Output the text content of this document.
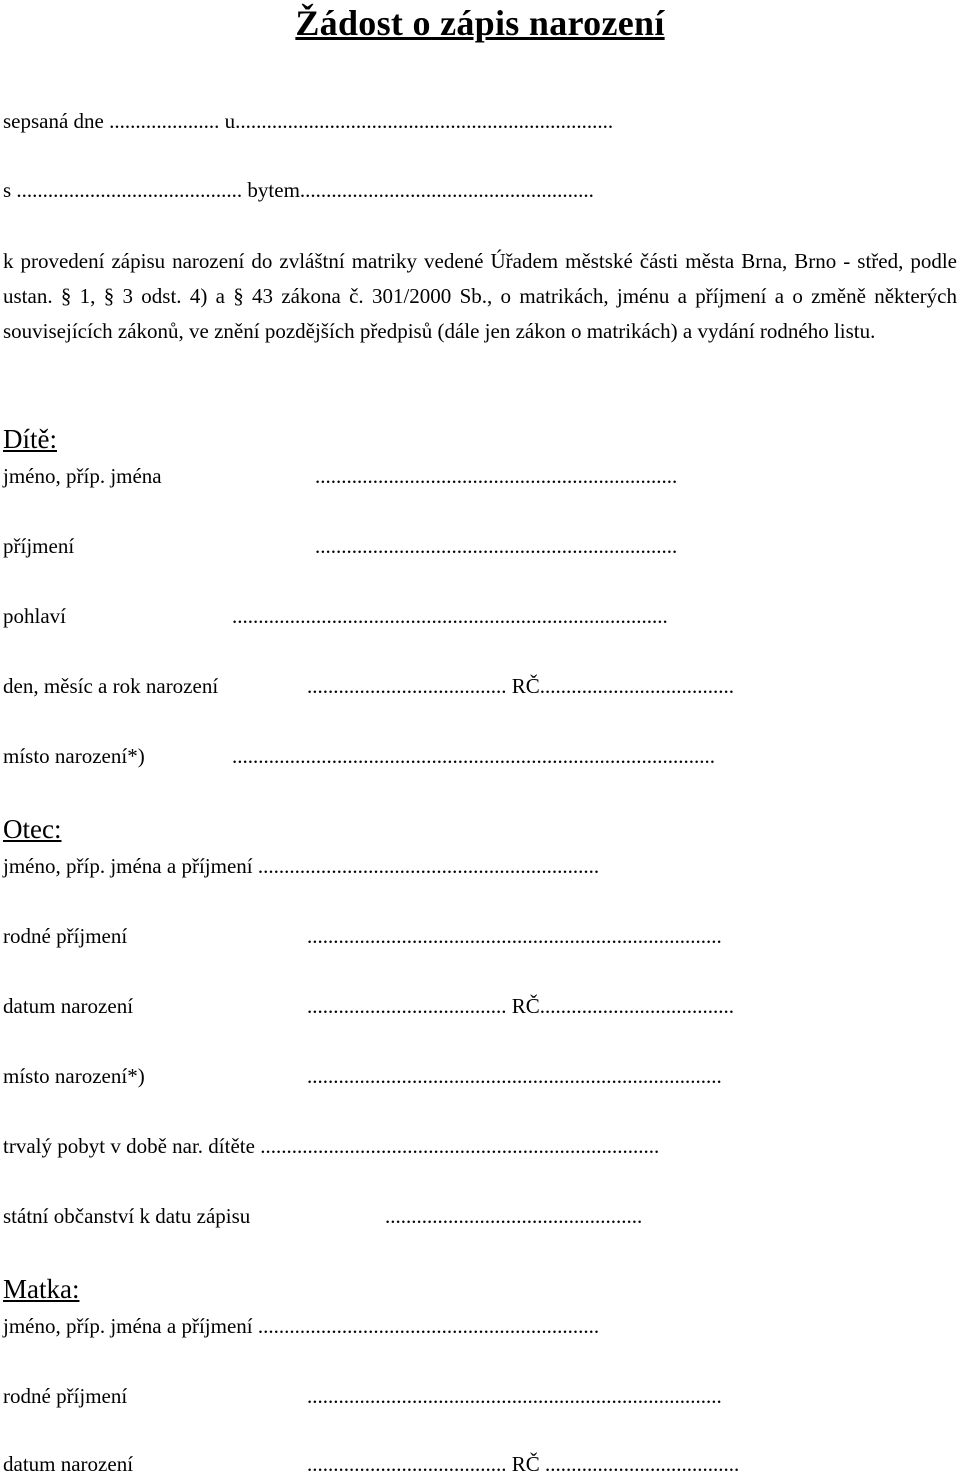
Žádost o zápis narození
sepsaná dne ..................... u........................................................................
s ........................................... bytem........................................................
k provedení zápisu narození do zvláštní matriky vedené Úřadem městské části města Brna, Brno - střed, podle ustan. § 1, § 3 odst. 4) a § 43 zákona č. 301/2000 Sb., o matrikách, jménu a příjmení a o změně některých souvisejících zákonů, ve znění pozdějších předpisů (dále jen zákon o matrikách) a vydání rodného listu.
Dítě:
jméno, příp. jména	.....................................................................
příjmení	.....................................................................
pohlaví	...................................................................................
den, měsíc a rok narození	...................................... RČ.....................................
místo narození*)	............................................................................................
Otec:
jméno, příp. jména a příjmení .................................................................
rodné příjmení	...............................................................................
datum narození	...................................... RČ.....................................
místo narození*)	...............................................................................
trvalý pobyt v době nar. dítěte ............................................................................
státní občanství k datu zápisu	.................................................
Matka:
jméno, příp. jména a příjmení .................................................................
rodné příjmení	...............................................................................
datum narození	...................................... RČ .....................................
